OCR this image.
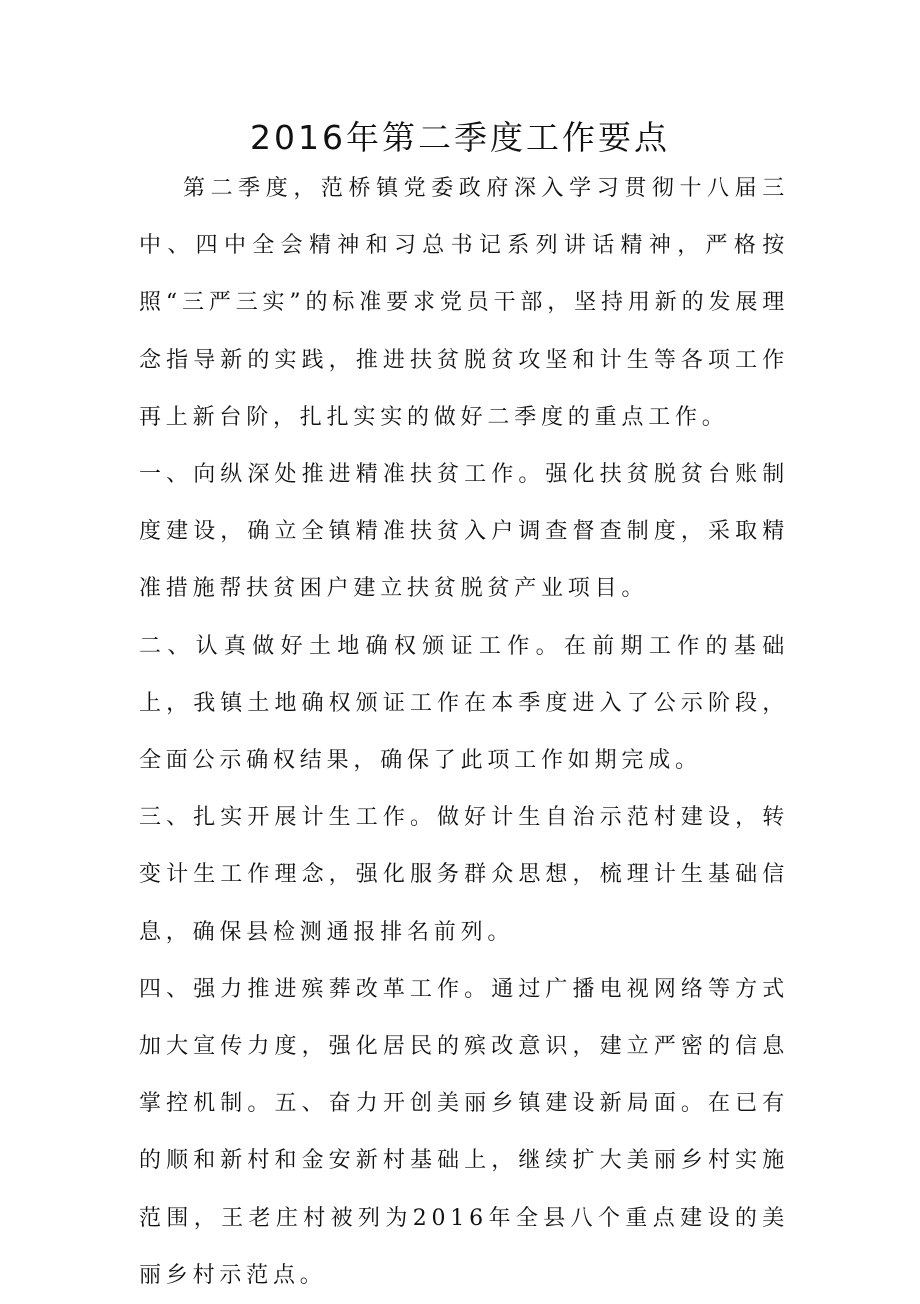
2016年第二季度工作要点

第二季度，范桥镇党委政府深入学习贯彻十八届三中、四中全会精神和习总书记系列讲话精神，严格按照“三严三实”的标准要求党员干部，坚持用新的发展理念指导新的实践，推进扶贫脱贫攻坚和计生等各项工作再上新台阶，扎扎实实的做好二季度的重点工作。

一、向纵深处推进精准扶贫工作。强化扶贫脱贫台账制度建设，确立全镇精准扶贫入户调查督查制度，采取精准措施帮扶贫困户建立扶贫脱贫产业项目。

二、认真做好土地确权颁证工作。在前期工作的基础上，我镇土地确权颁证工作在本季度进入了公示阶段，全面公示确权结果，确保了此项工作如期完成。

三、扎实开展计生工作。做好计生自治示范村建设，转变计生工作理念，强化服务群众思想，梳理计生基础信息，确保县检测通报排名前列。

四、强力推进殡葬改革工作。通过广播电视网络等方式加大宣传力度，强化居民的殡改意识，建立严密的信息掌控机制。五、奋力开创美丽乡镇建设新局面。在已有的顺和新村和金安新村基础上，继续扩大美丽乡村实施范围，王老庄村被列为2016年全县八个重点建设的美丽乡村示范点。
